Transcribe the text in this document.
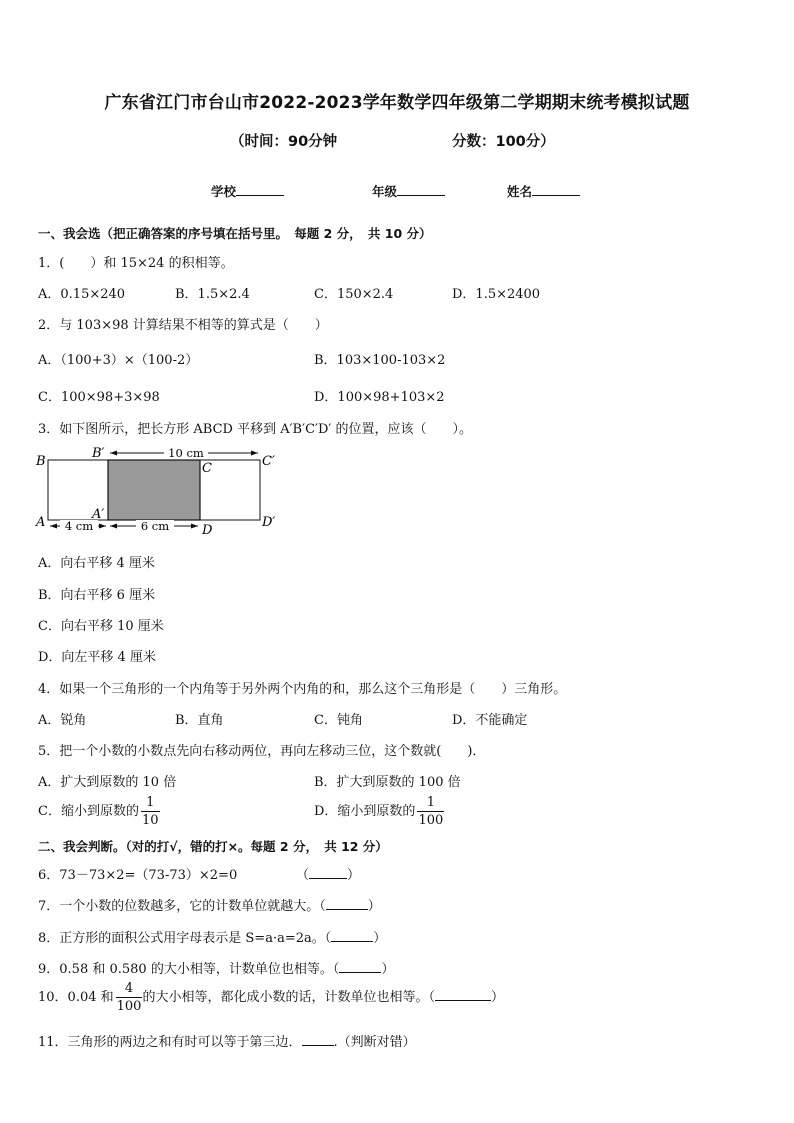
广东省江门市台山市2022-2023学年数学四年级第二学期期末统考模拟试题
（时间：90分钟	分数：100分）
学校	年级	姓名
一、我会选（把正确答案的序号填在括号里。　每题 2 分，　共 10 分）
1．(　　）和 15×24 的积相等。
A．0.15×240	B．1.5×2.4	C．150×2.4	D．1.5×2400
2．与 103×98 计算结果不相等的算式是（　　）
A．（100+3）×（100-2）	B．103×100-103×2
C．100×98+3×98	D．100×98+103×2
3．如下图所示，把长方形 ABCD 平移到 A′B′C′D′ 的位置，应该（　　）。
10 cm
4 cm	6 cm
B
B′
C	C′
A
A′
D
D′
A．向右平移 4 厘米
B．向右平移 6 厘米
C．向右平移 10 厘米
D．向左平移 4 厘米
4．如果一个三角形的一个内角等于另外两个内角的和，那么这个三角形是（　　）三角形。
A．锐角	B．直角	C．钝角	D．不能确定
5．把一个小数的小数点先向右移动两位，再向左移动三位，这个数就(　　)．
A．扩大到原数的 10 倍	B．扩大到原数的 100 倍
C．缩小到原数的 $\frac{1}{10}$	D．缩小到原数的 $\frac{1}{100}$
二、我会判断。（对的打√，错的打×。每题 2 分，　共 12 分）
6．73－73×2=（73-73）×2=0	（	）
7．一个小数的位数越多，它的计数单位就越大。（	）
8．正方形的面积公式用字母表示是 S=a·a=2a。（	）
9．0.58 和 0.580 的大小相等，计数单位也相等。（	）
10．0.04 和 $\frac{4}{100}$ 的大小相等，都化成小数的话，计数单位也相等。（	）
11．三角形的两边之和有时可以等于第三边． .（判断对错）
